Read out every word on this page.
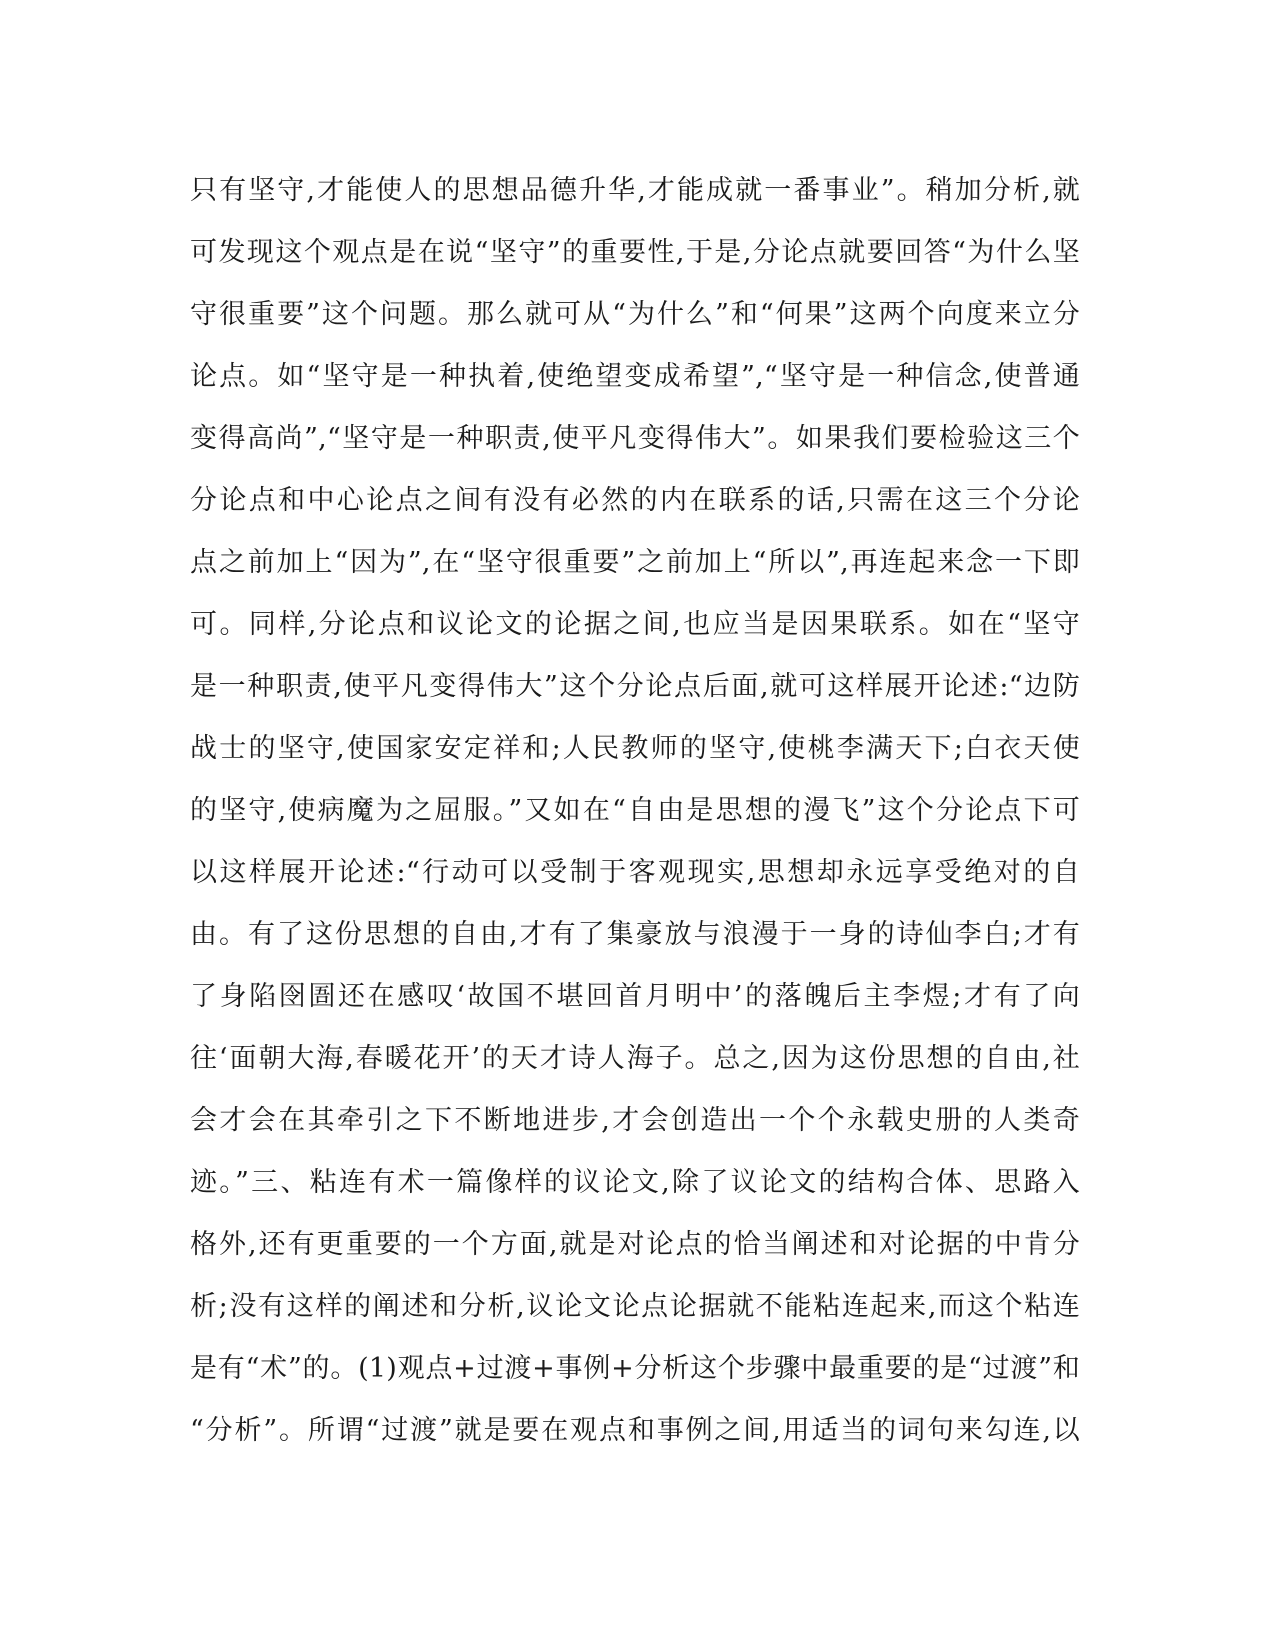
只有坚守,才能使人的思想品德升华,才能成就一番事业”。稍加分析,就
可发现这个观点是在说“坚守”的重要性,于是,分论点就要回答“为什么坚
守很重要”这个问题。那么就可从“为什么”和“何果”这两个向度来立分
论点。如“坚守是一种执着,使绝望变成希望”,“坚守是一种信念,使普通
变得高尚”,“坚守是一种职责,使平凡变得伟大”。如果我们要检验这三个
分论点和中心论点之间有没有必然的内在联系的话,只需在这三个分论
点之前加上“因为”,在“坚守很重要”之前加上“所以”,再连起来念一下即
可。同样,分论点和议论文的论据之间,也应当是因果联系。如在“坚守
是一种职责,使平凡变得伟大”这个分论点后面,就可这样展开论述:“边防
战士的坚守,使国家安定祥和;人民教师的坚守,使桃李满天下;白衣天使
的坚守,使病魔为之屈服。”又如在“自由是思想的漫飞”这个分论点下可
以这样展开论述:“行动可以受制于客观现实,思想却永远享受绝对的自
由。有了这份思想的自由,才有了集豪放与浪漫于一身的诗仙李白;才有
了身陷囹圄还在感叹‘故国不堪回首月明中’的落魄后主李煜;才有了向
往‘面朝大海,春暖花开’的天才诗人海子。总之,因为这份思想的自由,社
会才会在其牵引之下不断地进步,才会创造出一个个永载史册的人类奇
迹。”三、粘连有术一篇像样的议论文,除了议论文的结构合体、思路入
格外,还有更重要的一个方面,就是对论点的恰当阐述和对论据的中肯分
析;没有这样的阐述和分析,议论文论点论据就不能粘连起来,而这个粘连
是有“术”的。(1)观点+过渡+事例+分析这个步骤中最重要的是“过渡”和
“分析”。所谓“过渡”就是要在观点和事例之间,用适当的词句来勾连,以
